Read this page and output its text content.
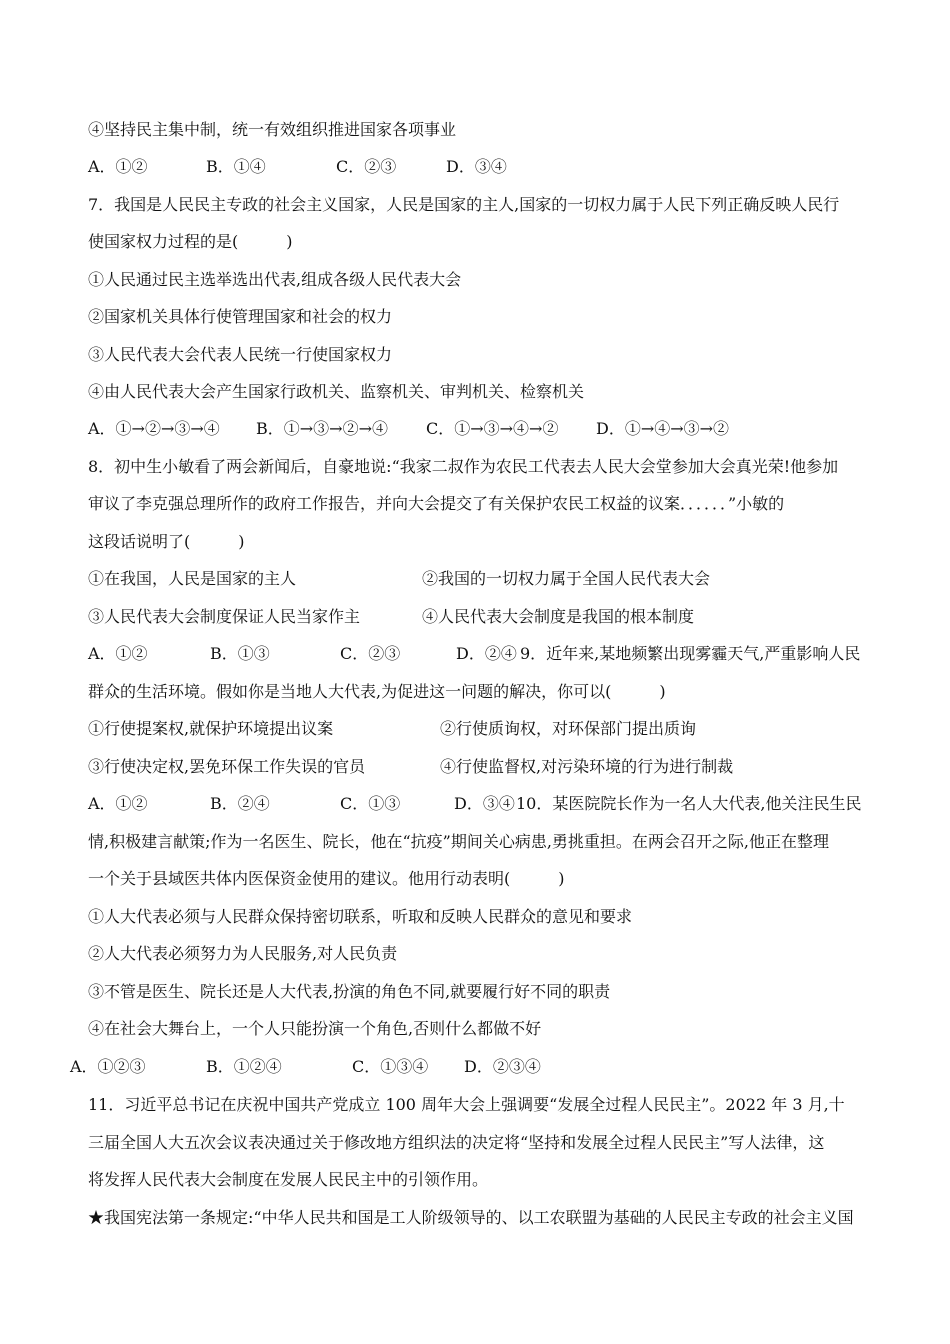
④坚持民主集中制，统一有效组织推进国家各项事业
A．①②	B．①④	C．②③	D．③④
7．我国是人民民主专政的社会主义国家，人民是国家的主人,国家的一切权力属于人民下列正确反映人民行
使国家权力过程的是(　　　)
①人民通过民主选举选出代表,组成各级人民代表大会
②国家机关具体行使管理国家和社会的权力
③人民代表大会代表人民统一行使国家权力
④由人民代表大会产生国家行政机关、监察机关、审判机关、检察机关
A．①→②→③→④ B．①→③→②→④ C．①→③→④→② D．①→④→③→②
8．初中生小敏看了两会新闻后，自豪地说:“我家二叔作为农民工代表去人民大会堂参加大会真光荣!他参加
审议了李克强总理所作的政府工作报告，并向大会提交了有关保护农民工权益的议案．．．．．．”小敏的
这段话说明了(　　　)
①在我国，人民是国家的主人	②我国的一切权力属于全国人民代表大会
③人民代表大会制度保证人民当家作主	④人民代表大会制度是我国的根本制度
A．①②	B．①③	C．②③	D．②④ 9．近年来,某地频繁出现雾霾天气,严重影响人民
群众的生活环境。假如你是当地人大代表,为促进这一问题的解决，你可以(　　　)
①行使提案权,就保护环境提出议案	②行使质询权，对环保部门提出质询
③行使决定权,罢免环保工作失误的官员	④行使监督权,对污染环境的行为进行制裁
A．①②	B．②④	C．①③	D．③④ 10．某医院院长作为一名人大代表,他关注民生民
情,积极建言献策;作为一名医生、院长，他在“抗疫”期间关心病患,勇挑重担。在两会召开之际,他正在整理
一个关于县域医共体内医保资金使用的建议。他用行动表明(　　　)
①人大代表必须与人民群众保持密切联系，听取和反映人民群众的意见和要求
②人大代表必须努力为人民服务,对人民负责
③不管是医生、院长还是人大代表,扮演的角色不同,就要履行好不同的职责
④在社会大舞台上，一个人只能扮演一个角色,否则什么都做不好
A．①②③	B．①②④	C．①③④ D．②③④
11．习近平总书记在庆祝中国共产党成立 100 周年大会上强调要“发展全过程人民民主”。2022 年 3 月,十
三届全国人大五次会议表决通过关于修改地方组织法的决定将“坚持和发展全过程人民民主”写人法律，这
将发挥人民代表大会制度在发展人民民主中的引领作用。
★我国宪法第一条规定:“中华人民共和国是工人阶级领导的、以工农联盟为基础的人民民主专政的社会主义国
